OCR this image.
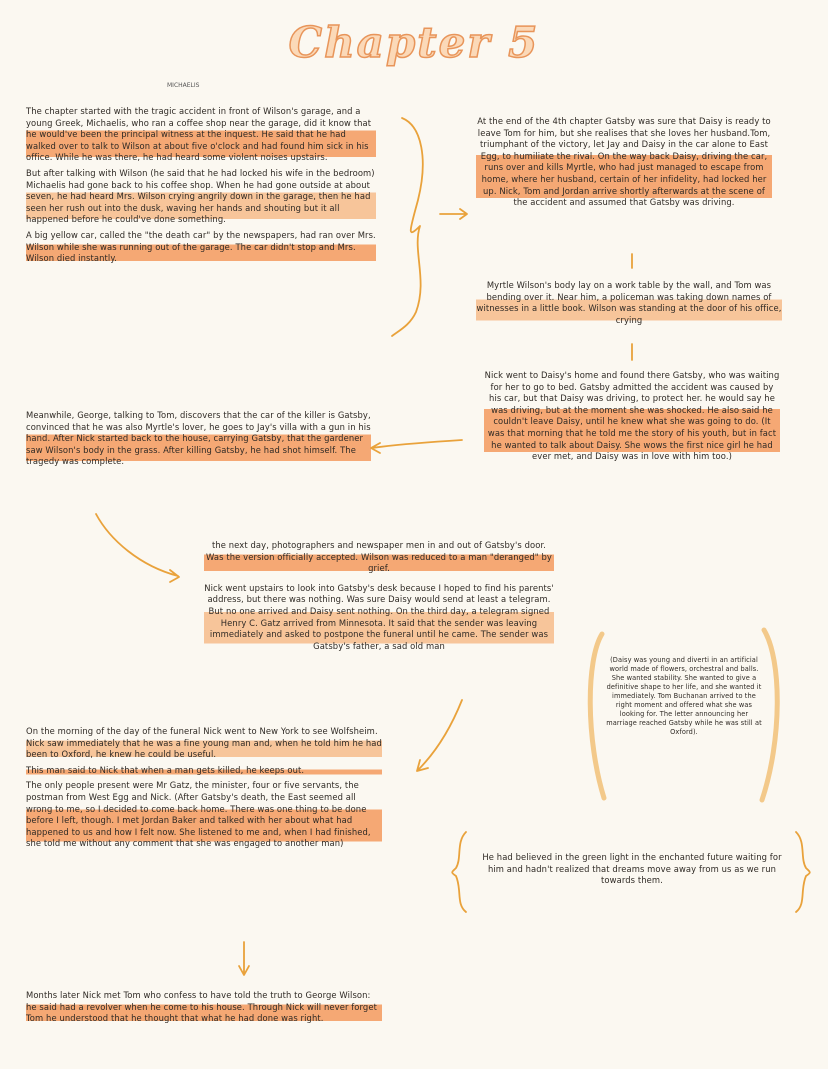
Chapter 5
MICHAELIS

The chapter started with the tragic accident in front of Wilson's garage, and a young Greek, Michaelis, who ran a coffee shop near the garage, did it know that he would've been the principal witness at the inquest. He said that he had walked over to talk to Wilson at about five o'clock and had found him sick in his office. While he was there, he had heard some violent noises upstairs.

But after talking with Wilson (he said that he had locked his wife in the bedroom) Michaelis had gone back to his coffee shop. When he had gone outside at about seven, he had heard Mrs. Wilson crying angrily down in the garage, then he had seen her rush out into the dusk, waving her hands and shouting but it all happened before he could've done something.

A big yellow car, called the "the death car" by the newspapers, had ran over Mrs. Wilson while she was running out of the garage. The car didn't stop and Mrs. Wilson died instantly.

Meanwhile, George, talking to Tom, discovers that the car of the killer is Gatsby, convinced that he was also Myrtle's lover, he goes to Jay's villa with a gun in his hand. After Nick started back to the house, carrying Gatsby, that the gardener saw Wilson's body in the grass. After killing Gatsby, he had shot himself. The tragedy was complete.

On the morning of the day of the funeral Nick went to New York to see Wolfsheim. Nick saw immediately that he was a fine young man and, when he told him he had been to Oxford, he knew he could be useful.

This man said to Nick that when a man gets killed, he keeps out.

The only people present were Mr Gatz, the minister, four or five servants, the postman from West Egg and Nick. (After Gatsby's death, the East seemed all wrong to me, so I decided to come back home. There was one thing to be done before I left, though. I met Jordan Baker and talked with her about what had happened to us and how I felt now. She listened to me and, when I had finished, she told me without any comment that she was engaged to another man)

Months later Nick met Tom who confess to have told the truth to George Wilson: he said had a revolver when he come to his house. Through Nick will never forget Tom he understood that he thought that what he had done was right.

At the end of the 4th chapter Gatsby was sure that Daisy is ready to leave Tom for him, but she realises that she loves her husband.Tom, triumphant of the victory, let Jay and Daisy in the car alone to East Egg, to humiliate the rival. On the way back Daisy, driving the car, runs over and kills Myrtle, who had just managed to escape from home, where her husband, certain of her infidelity, had locked her up. Nick, Tom and Jordan arrive shortly afterwards at the scene of the accident and assumed that Gatsby was driving.

Myrtle Wilson's body lay on a work table by the wall, and Tom was bending over it. Near him, a policeman was taking down names of witnesses in a little book. Wilson was standing at the door of his office, crying

Nick went to Daisy's home and found there Gatsby, who was waiting for her to go to bed. Gatsby admitted the accident was caused by his car, but that Daisy was driving, to protect her. he would say he was driving, but at the moment she was shocked. He also said he couldn't leave Daisy, until he knew what she was going to do. (It was that morning that he told me the story of his youth, but in fact he wanted to talk about Daisy. She wows the first nice girl he had ever met, and Daisy was in love with him too.)

the next day, photographers and newspaper men in and out of Gatsby's door. Was the version officially accepted. Wilson was reduced to a man "deranged" by grief.

Nick went upstairs to look into Gatsby's desk because I hoped to find his parents' address, but there was nothing. Was sure Daisy would send at least a telegram. But no one arrived and Daisy sent nothing. On the third day, a telegram signed Henry C. Gatz arrived from Minnesota. It said that the sender was leaving immediately and asked to postpone the funeral until he came. The sender was Gatsby's father, a sad old man

(Daisy was young and diverti in an artificial world made of flowers, orchestral and balls. She wanted stability. She wanted to give a definitive shape to her life, and she wanted it immediately. Tom Buchanan arrived to the right moment and offered what she was looking for. The letter announcing her marriage reached Gatsby while he was still at Oxford).

He had believed in the green light in the enchanted future waiting for him and hadn't realized that dreams move away from us as we run towards them.
